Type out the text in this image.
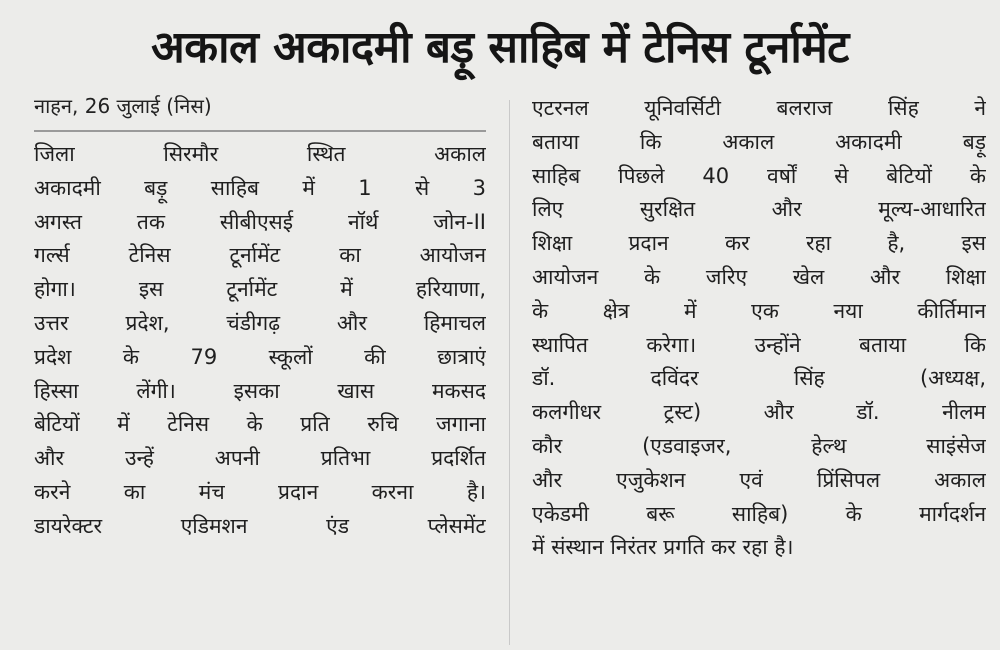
अकाल अकादमी बड़ू साहिब में टेनिस टूर्नामेंट
नाहन, 26 जुलाई (निस)
जिला सिरमौर स्थित अकाल
अकादमी बड़ू साहिब में 1 से 3
अगस्त तक सीबीएसई नॉर्थ जोन-II
गर्ल्स टेनिस टूर्नामेंट का आयोजन
होगा। इस टूर्नामेंट में हरियाणा,
उत्तर प्रदेश, चंडीगढ़ और हिमाचल
प्रदेश के 79 स्कूलों की छात्राएं
हिस्सा लेंगी। इसका खास मकसद
बेटियों में टेनिस के प्रति रुचि जगाना
और उन्हें अपनी प्रतिभा प्रदर्शित
करने का मंच प्रदान करना है।
डायरेक्टर एडिमशन एंड प्लेसमेंट
एटरनल यूनिवर्सिटी बलराज सिंह ने
बताया कि अकाल अकादमी बड़ू
साहिब पिछले 40 वर्षों से बेटियों के
लिए सुरक्षित और मूल्य-आधारित
शिक्षा प्रदान कर रहा है, इस
आयोजन के जरिए खेल और शिक्षा
के क्षेत्र में एक नया कीर्तिमान
स्थापित करेगा। उन्होंने बताया कि
डॉ. दविंदर सिंह (अध्यक्ष,
कलगीधर ट्रस्ट) और डॉ. नीलम
कौर (एडवाइजर, हेल्थ साइंसेज
और एजुकेशन एवं प्रिंसिपल अकाल
एकेडमी बरू साहिब) के मार्गदर्शन
में संस्थान निरंतर प्रगति कर रहा है।
